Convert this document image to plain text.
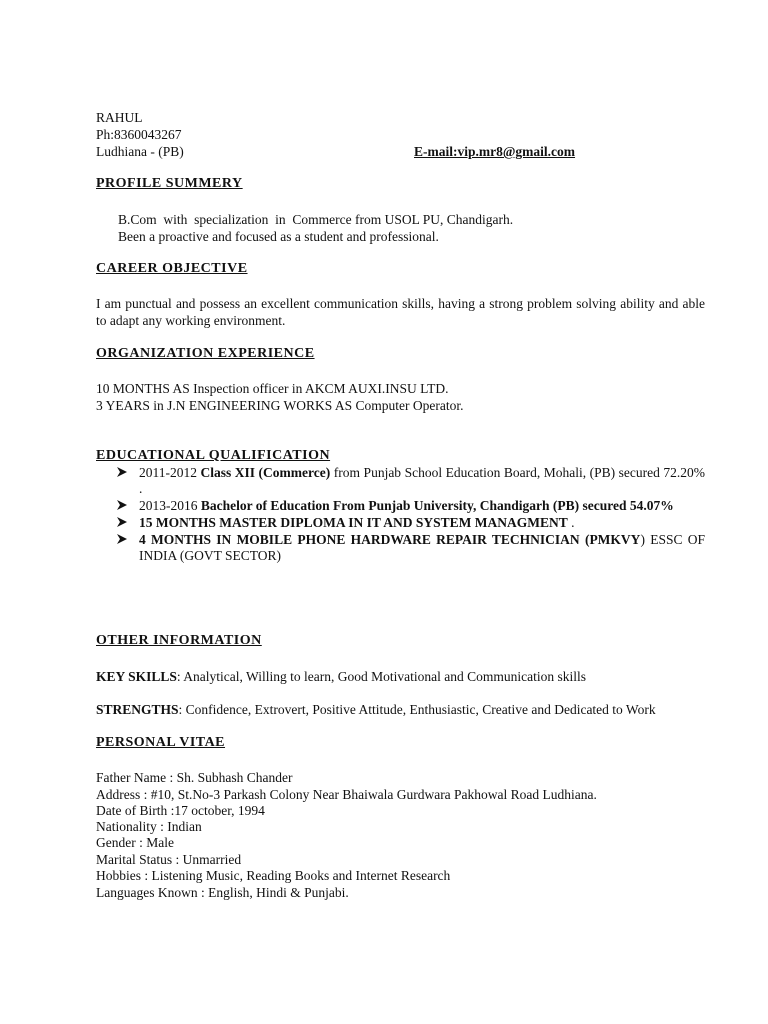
RAHUL
Ph:8360043267
Ludhiana - (PB)	E-mail:vip.mr8@gmail.com
PROFILE SUMMERY
B.Com  with  specialization  in  Commerce from USOL PU, Chandigarh.
Been a proactive and focused as a student and professional.
CAREER OBJECTIVE
I am punctual and possess an excellent communication skills, having a strong problem solving ability and able to adapt any working environment.
ORGANIZATION EXPERIENCE
10 MONTHS AS Inspection officer in AKCM AUXI.INSU LTD.
3 YEARS in J.N ENGINEERING WORKS AS Computer Operator.
EDUCATIONAL QUALIFICATION
2011-2012 Class XII (Commerce) from Punjab School Education Board, Mohali, (PB) secured 72.20% .
2013-2016 Bachelor of Education From Punjab University, Chandigarh (PB) secured 54.07%
15 MONTHS MASTER DIPLOMA IN IT AND SYSTEM MANAGMENT .
4 MONTHS IN MOBILE PHONE HARDWARE REPAIR TECHNICIAN (PMKVY) ESSC OF INDIA (GOVT SECTOR)
OTHER INFORMATION
KEY SKILLS: Analytical, Willing to learn, Good Motivational and Communication skills
STRENGTHS: Confidence, Extrovert, Positive Attitude, Enthusiastic, Creative and Dedicated to Work
PERSONAL VITAE
Father Name : Sh. Subhash Chander
Address : #10, St.No-3 Parkash Colony Near Bhaiwala Gurdwara Pakhowal Road Ludhiana.
Date of Birth :17 october, 1994
Nationality : Indian
Gender : Male
Marital Status : Unmarried
Hobbies : Listening Music, Reading Books and Internet Research
Languages Known : English, Hindi & Punjabi.
